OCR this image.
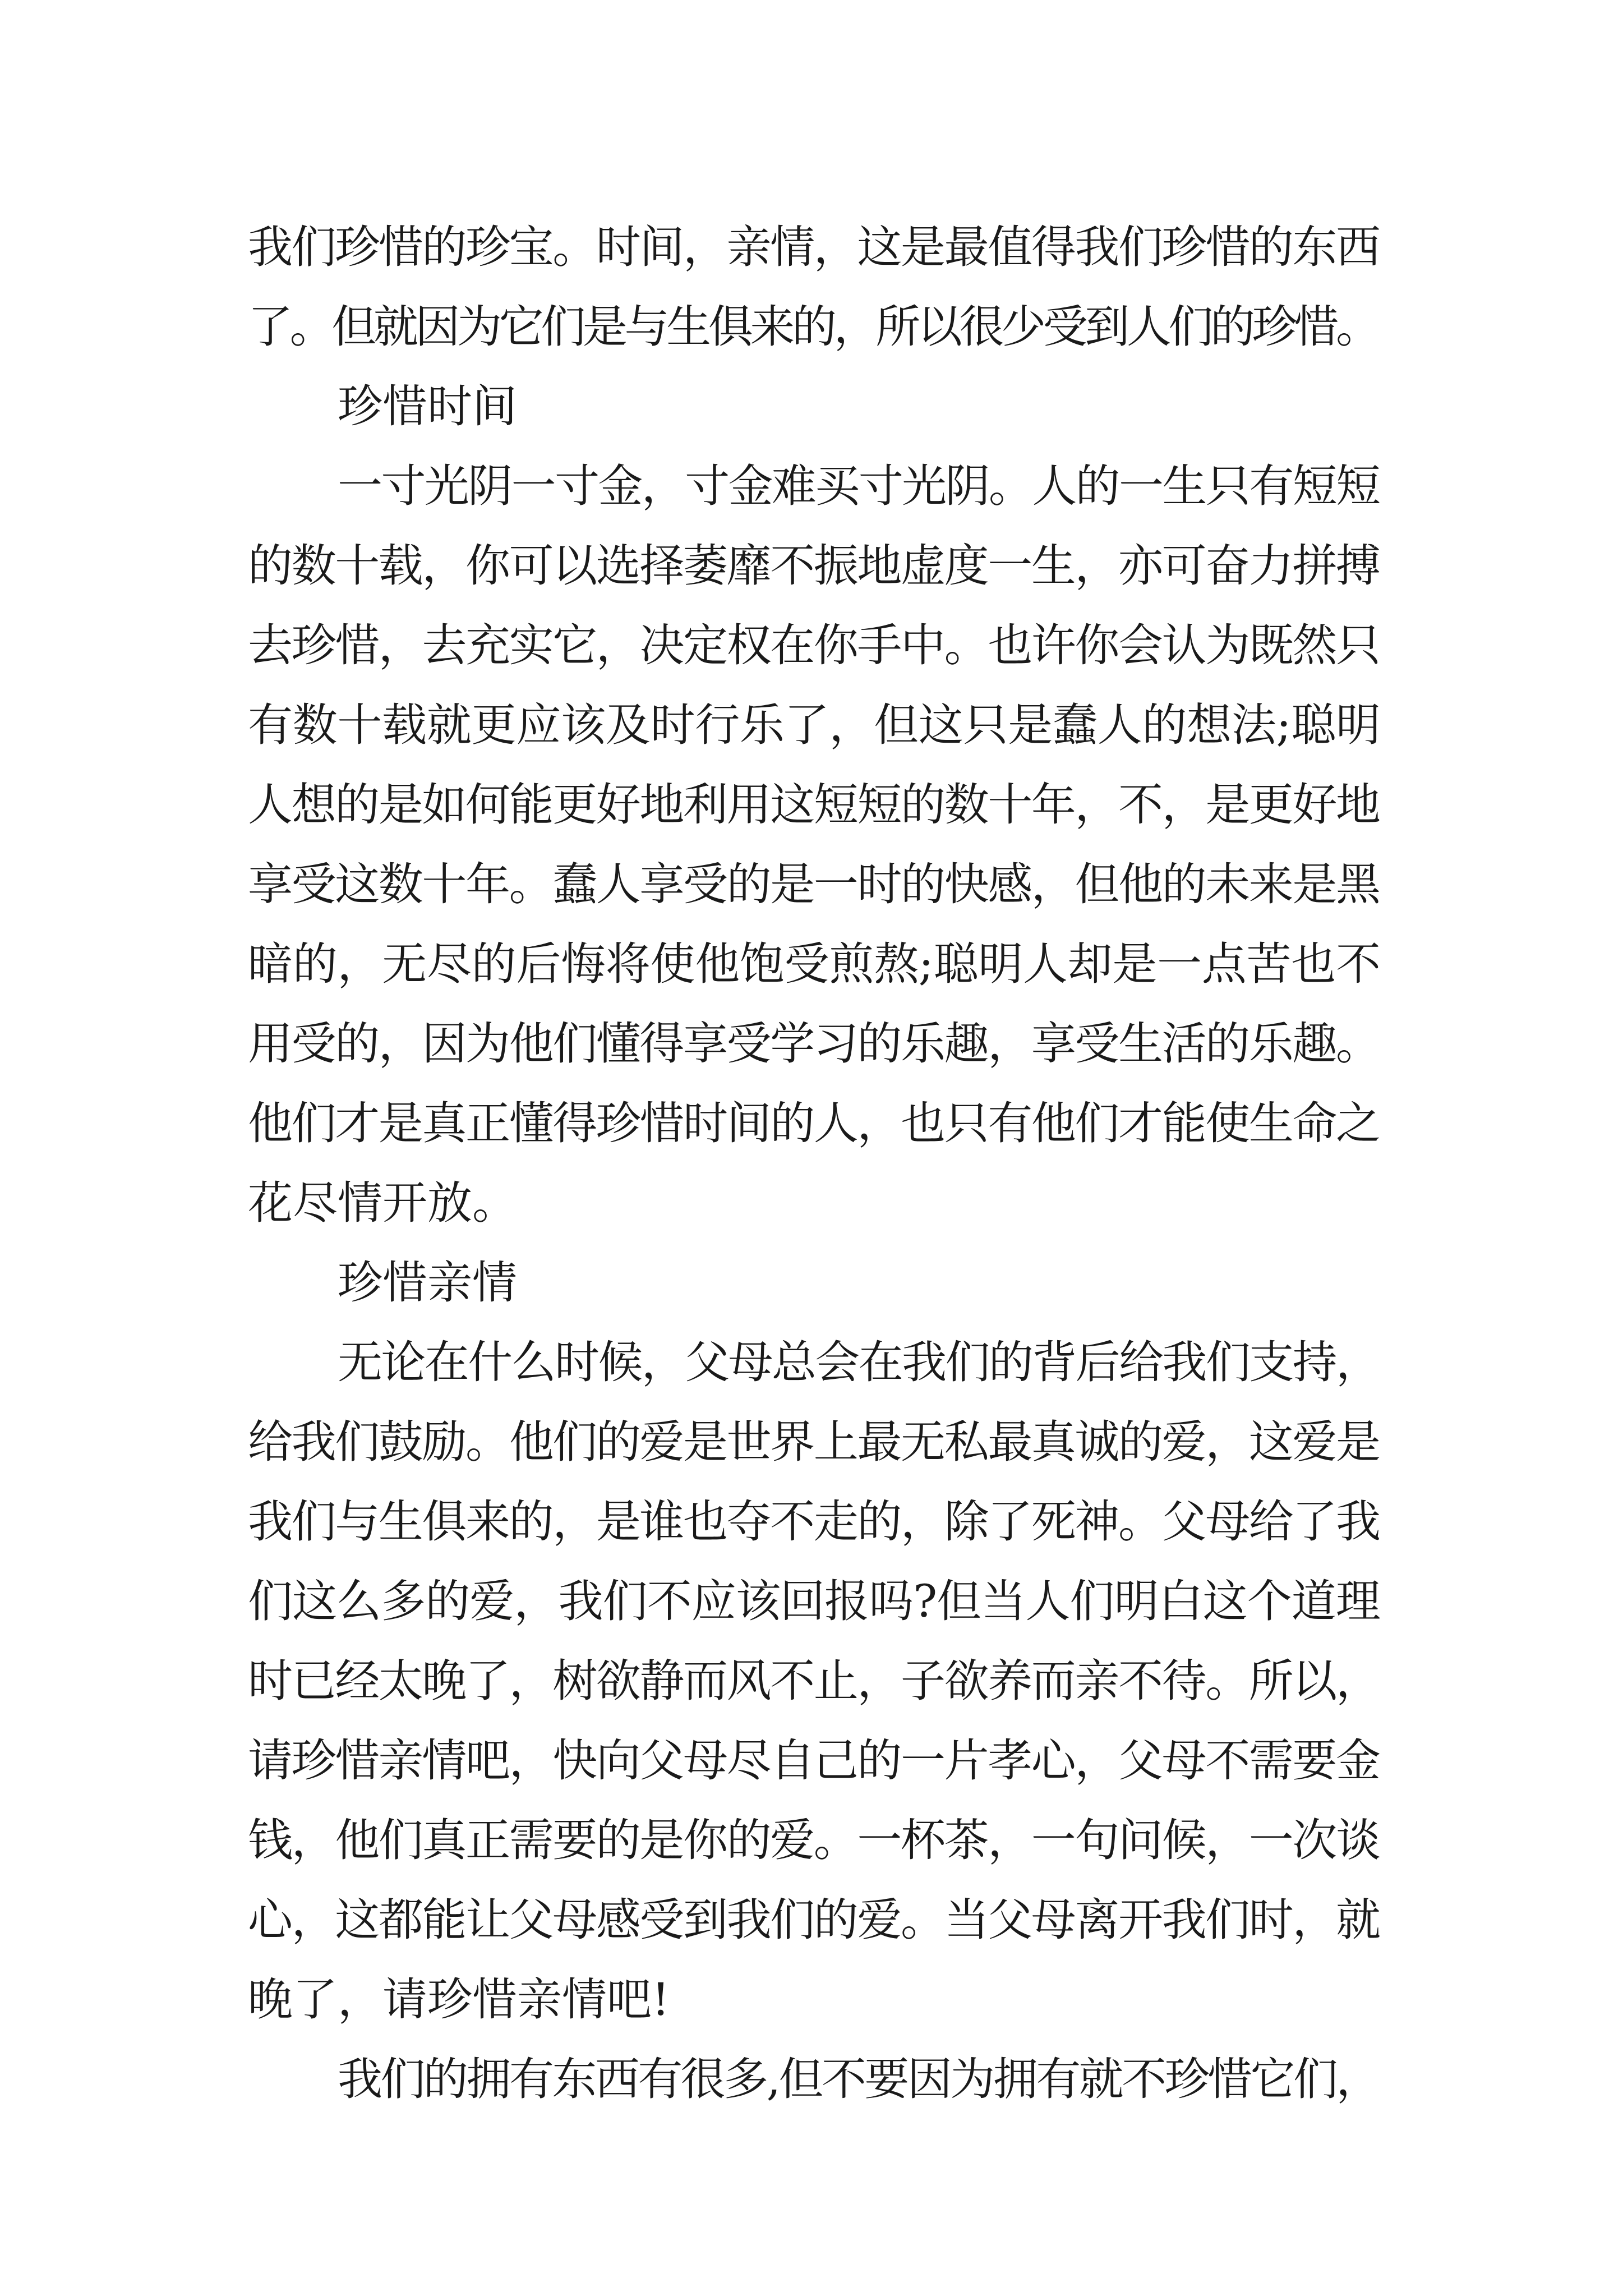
我们珍惜的珍宝。时间，亲情，这是最值得我们珍惜的东西
了。但就因为它们是与生俱来的，所以很少受到人们的珍惜。
珍惜时间
一寸光阴一寸金，寸金难买寸光阴。人的一生只有短短
的数十载，你可以选择萎靡不振地虚度一生，亦可奋力拼搏
去珍惜，去充实它，决定权在你手中。也许你会认为既然只
有数十载就更应该及时行乐了，但这只是蠢人的想法;聪明
人想的是如何能更好地利用这短短的数十年，不，是更好地
享受这数十年。蠢人享受的是一时的快感，但他的未来是黑
暗的，无尽的后悔将使他饱受煎熬;聪明人却是一点苦也不
用受的，因为他们懂得享受学习的乐趣，享受生活的乐趣。
他们才是真正懂得珍惜时间的人，也只有他们才能使生命之
花尽情开放。
珍惜亲情
无论在什么时候，父母总会在我们的背后给我们支持，
给我们鼓励。他们的爱是世界上最无私最真诚的爱，这爱是
我们与生俱来的，是谁也夺不走的，除了死神。父母给了我
们这么多的爱，我们不应该回报吗?但当人们明白这个道理
时已经太晚了，树欲静而风不止，子欲养而亲不待。所以，
请珍惜亲情吧，快向父母尽自己的一片孝心，父母不需要金
钱，他们真正需要的是你的爱。一杯茶，一句问候，一次谈
心，这都能让父母感受到我们的爱。当父母离开我们时，就
晚了，请珍惜亲情吧!
我们的拥有东西有很多,但不要因为拥有就不珍惜它们，
